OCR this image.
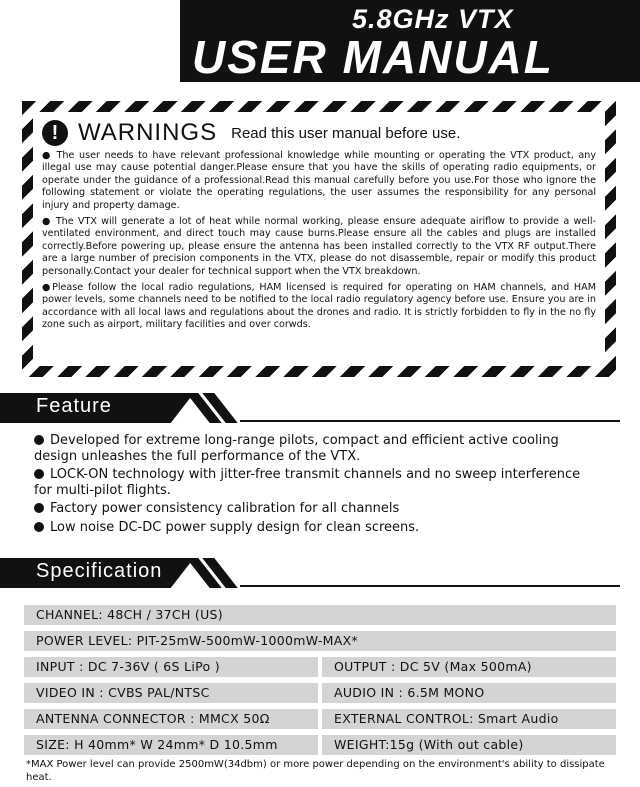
5.8GHz VTX
USER MANUAL
! WARNINGS Read this user manual before use.

● The user needs to have relevant professional knowledge while mounting or operating the VTX product, any illegal use may cause potential danger.Please ensure that you have the skills of operating radio equipments, or operate under the guidance of a professional.Read this manual carefully before you use.For those who ignore the following statement or violate the operating regulations, the user assumes the responsibility for any personal injury and property damage.

● The VTX will generate a lot of heat while normal working, please ensure adequate airiflow to provide a well-ventilated environment, and direct touch may cause burns.Please ensure all the cables and plugs are installed correctly.Before powering up, please ensure the antenna has been installed correctly to the VTX RF output.There are a large number of precision components in the VTX, please do not disassemble, repair or modify this product personally.Contact your dealer for technical support when the VTX breakdown.

●Please follow the local radio regulations, HAM licensed is required for operating on HAM channels, and HAM power levels, some channels need to be notified to the local radio regulatory agency before use. Ensure you are in accordance with all local laws and regulations about the drones and radio. It is strictly forbidden to fly in the no fly zone such as airport, military facilities and over corwds.

Feature
Developed for extreme long-range pilots, compact and efficient active cooling design unleashes the full performance of the VTX.
LOCK-ON technology with jitter-free transmit channels and no sweep interference for multi-pilot flights.
Factory power consistency calibration for all channels
Low noise DC-DC power supply design for clean screens.
Specification
CHANNEL: 48CH / 37CH (US)
POWER LEVEL: PIT-25mW-500mW-1000mW-MAX*
INPUT : DC 7-36V ( 6S LiPo )	OUTPUT : DC 5V (Max 500mA)
VIDEO IN : CVBS PAL/NTSC	AUDIO IN : 6.5M MONO
ANTENNA CONNECTOR : MMCX 50Ω	EXTERNAL CONTROL: Smart Audio
SIZE: H 40mm* W 24mm* D 10.5mm	WEIGHT:15g (With out cable)
*MAX Power level can provide 2500mW(34dbm) or more power depending on the environment's ability to dissipate heat.
